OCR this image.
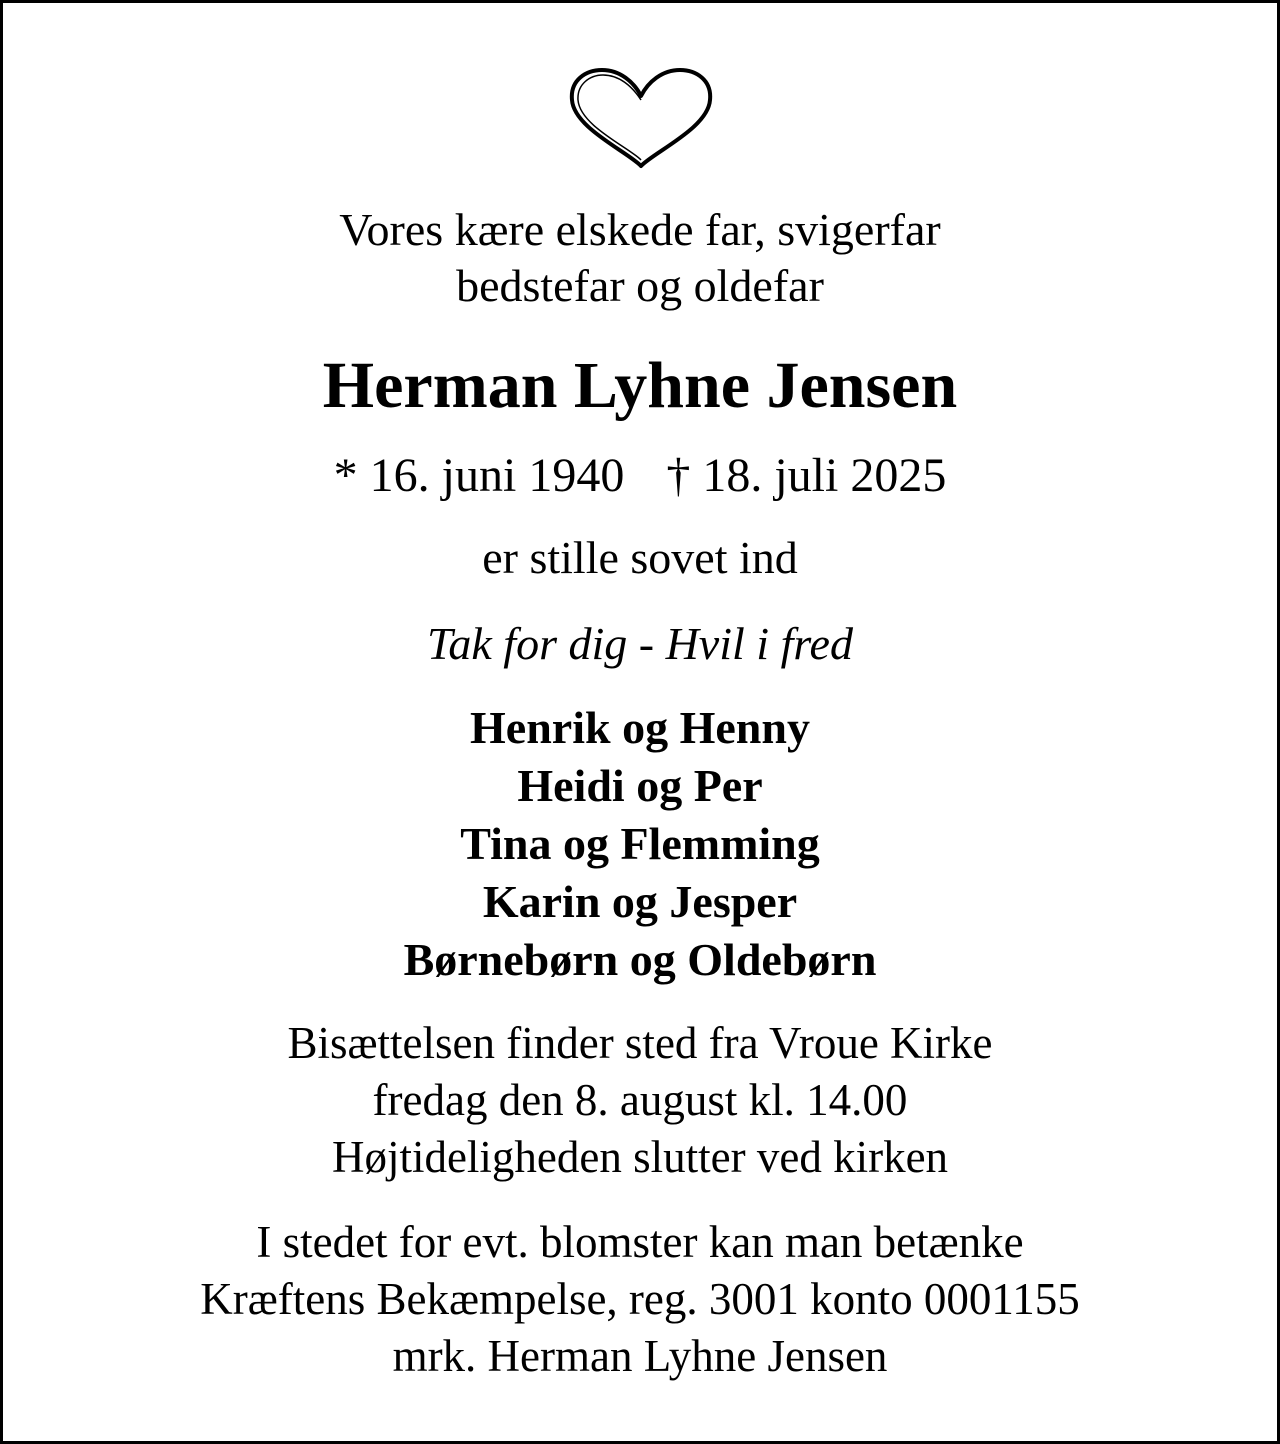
Vores kære elskede far, svigerfar
bedstefar og oldefar
Herman Lyhne Jensen
* 16. juni 1940 † 18. juli 2025
er stille sovet ind
Tak for dig - Hvil i fred
Henrik og Henny
Heidi og Per
Tina og Flemming
Karin og Jesper
Børnebørn og Oldebørn
Bisættelsen finder sted fra Vroue Kirke
fredag den 8. august kl. 14.00
Højtideligheden slutter ved kirken
I stedet for evt. blomster kan man betænke
Kræftens Bekæmpelse, reg. 3001 konto 0001155
mrk. Herman Lyhne Jensen
